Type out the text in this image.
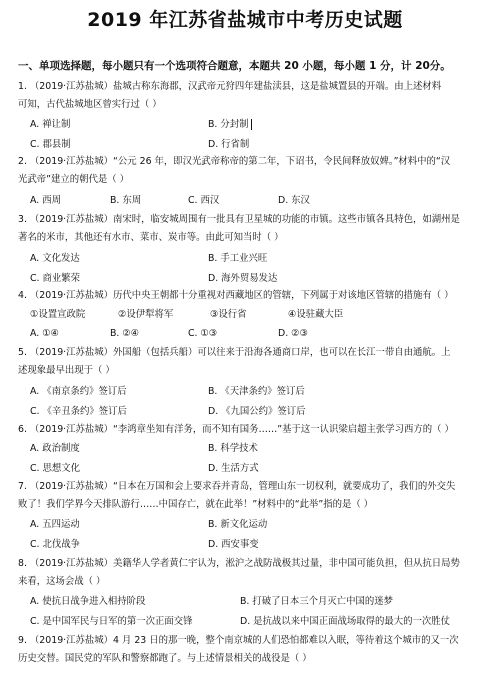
2019 年江苏省盐城市中考历史试题
一、单项选择题，每小题只有一个选项符合题意，本题共 20 小题，每小题 1 分，计 20分。
1. （2019·江苏盐城）盐城古称东海郡，汉武帝元狩四年建盐渎县，这是盐城置县的开端。由上述材料
可知，古代盐城地区曾实行过（ ）
A. 禅让制	B. 分封制
C. 郡县制	D. 行省制
2. （2019·江苏盐城）“公元 26 年，即汉光武帝称帝的第二年，下诏书，令民间释放奴婢。”材料中的“汉
光武帝”建立的朝代是（ ）
A. 西周	B. 东周	C. 西汉	D. 东汉
3. （2019·江苏盐城）南宋时，临安城周围有一批具有卫星城的功能的市镇。这些市镇各具特色，如湖州是
著名的米市，其他还有水市、菜市、炭市等。由此可知当时（ ）
A. 文化发达	B. 手工业兴旺
C. 商业繁荣	D. 海外贸易发达
4. （2019·江苏盐城）历代中央王朝都十分重视对西藏地区的管辖，下列属于对该地区管辖的措施有（ ）
①设置宣政院	②设伊犁将军	③设行省	④设驻藏大臣
A. ①④	B. ②④	C. ①③	D. ②③
5. （2019·江苏盐城）外国船（包括兵船）可以往来于沿海各通商口岸，也可以在长江一带自由通航。上
述现象最早出现于（ ）
A. 《南京条约》签订后	B. 《天津条约》签订后
C. 《辛丑条约》签订后	D. 《九国公约》签订后
6. （2019·江苏盐城）“李鸿章坐知有洋务，而不知有国务……”基于这一认识梁启超主张学习西方的（ ）
A. 政治制度	B. 科学技术
C. 思想文化	D. 生活方式
7. （2019·江苏盐城）“日本在万国和会上要求吞并青岛，管理山东一切权利，就要成功了，我们的外交失
败了！我们学界今天排队游行……中国存亡，就在此举！”材料中的“此举”指的是（ ）
A. 五四运动	B. 新文化运动
C. 北伐战争	D. 西安事变
8. （2019·江苏盐城）美籍华人学者黄仁宇认为，淞沪之战防战极其过量，非中国可能负担，但从抗日局势
来看，这场会战（ ）
A. 使抗日战争进入相持阶段	B. 打破了日本三个月灭亡中国的迷梦
C. 是中国军民与日军的第一次正面交锋	D. 是抗战以来中国正面战场取得的最大的一次胜仗
9. （2019·江苏盐城）4 月 23 日的那一晚，整个南京城的人们恐怕都难以入眠，等待着这个城市的又一次
历史交替。国民党的军队和警察都跑了。与上述情景相关的战役是（ ）
